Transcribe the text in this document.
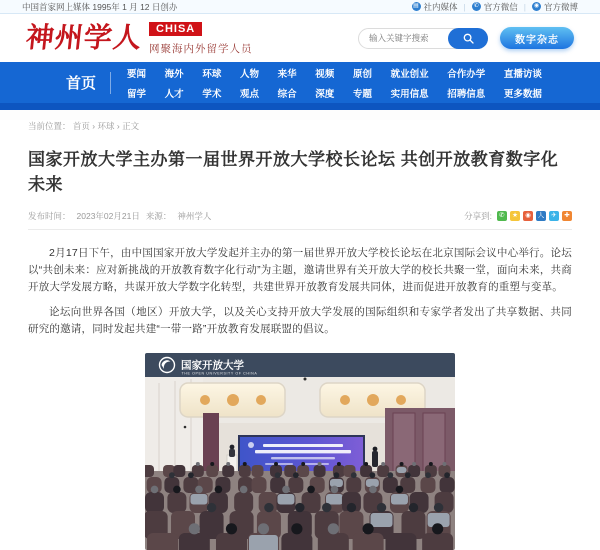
中国首家网上媒体 1995年 1 月 12 日创办	▤ 社内媒体 |	✆ 官方微信 |	◉ 官方微博
神州学人	CHISA
网聚海内外留学人员
输入关键字搜索
数字杂志
首页
要闻
留学
海外
人才
环球
学术
人物
观点
来华
综合
视频
深度
原创
专题
就业创业
实用信息
合作办学
招聘信息
直播访谈
更多数据
当前位置： 首页 › 环球 › 正文
国家开放大学主办第一届世界开放大学校长论坛 共创开放教育数字化未来
发布时间： 2023年02月21日 来源： 神州学人	分享到:	✆	★	◉	人	✈	✚

2月17日下午，由中国国家开放大学发起并主办的第一届世界开放大学校长论坛在北京国际会议中心举行。论坛以“共创未来：应对新挑战的开放教育数字化行动”为主题，邀请世界有关开放大学的校长共聚一堂，面向未来，共商开放大学发展方略，共谋开放大学数字化转型，共建世界开放教育发展共同体，进而促进开放教育的重塑与变革。

论坛向世界各国（地区）开放大学，以及关心支持开放大学发展的国际组织和专家学者发出了共享数据、共同研究的邀请，同时发起共建“一带一路”开放教育发展联盟的倡议。

国家开放大学
THE OPEN UNIVERSITY OF CHINA
